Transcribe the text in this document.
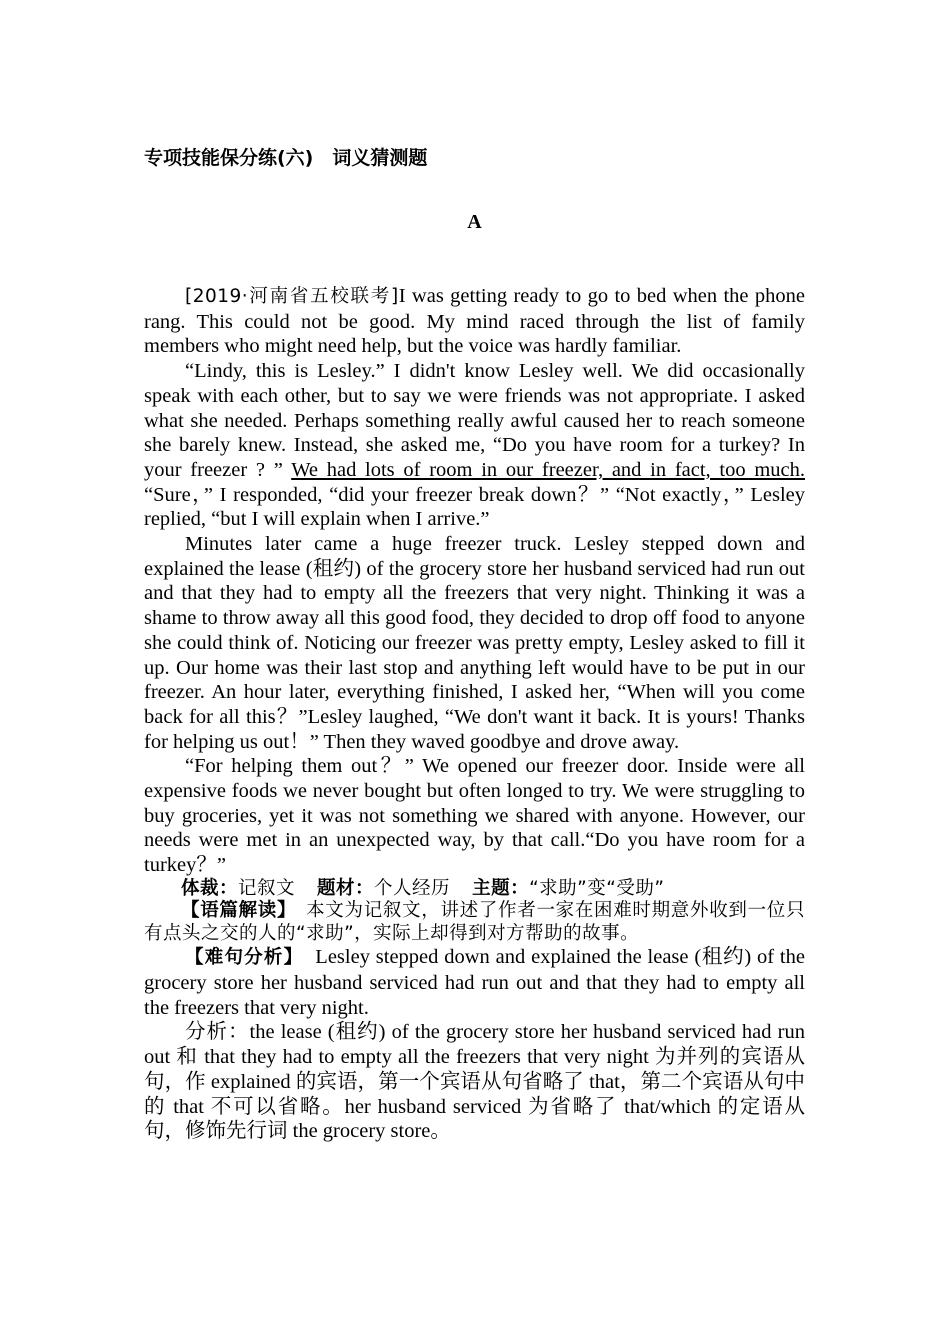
专项技能保分练(六)　词义猜测题
A

[2019·河南省五校联考]I was getting ready to go to bed when the phone rang. This could not be good. My mind raced through the list of family members who might need help, but the voice was hardly familiar.

“Lindy, this is Lesley.” I didn't know Lesley well. We did occasionally speak with each other, but to say we were friends was not appropriate. I asked what she needed. Perhaps something really awful caused her to reach someone she barely knew. Instead, she asked me, “Do you have room for a turkey? In your freezer ? ” We had lots of room in our freezer, and in fact, too much. “Sure，” I responded, “did your freezer break down？” “Not exactly，” Lesley replied, “but I will explain when I arrive.”

Minutes later came a huge freezer truck. Lesley stepped down and explained the lease (租约) of the grocery store her husband serviced had run out and that they had to empty all the freezers that very night. Thinking it was a shame to throw away all this good food, they decided to drop off food to anyone she could think of. Noticing our freezer was pretty empty, Lesley asked to fill it up. Our home was their last stop and anything left would have to be put in our freezer. An hour later, everything finished, I asked her, “When will you come back for all this？”Lesley laughed, “We don't want it back. It is yours! Thanks for helping us out！” Then they waved goodbye and drove away.

“For helping them out？” We opened our freezer door. Inside were all expensive foods we never bought but often longed to try. We were struggling to buy groceries, yet it was not something we shared with anyone. However, our needs were met in an unexpected way, by that call.“Do you have room for a turkey？”

体裁：记叙文 题材：个人经历 主题：“求助”变“受助”

【语篇解读】　本文为记叙文，讲述了作者一家在困难时期意外收到一位只有点头之交的人的“求助”，实际上却得到对方帮助的故事。

【难句分析】　Lesley stepped down and explained the lease (租约) of the grocery store her husband serviced had run out and that they had to empty all the freezers that very night.

分析：the lease (租约) of the grocery store her husband serviced had run out 和 that they had to empty all the freezers that very night 为并列的宾语从句，作 explained 的宾语，第一个宾语从句省略了 that，第二个宾语从句中的 that 不可以省略。her husband serviced 为省略了 that/which 的定语从句，修饰先行词 the grocery store。
